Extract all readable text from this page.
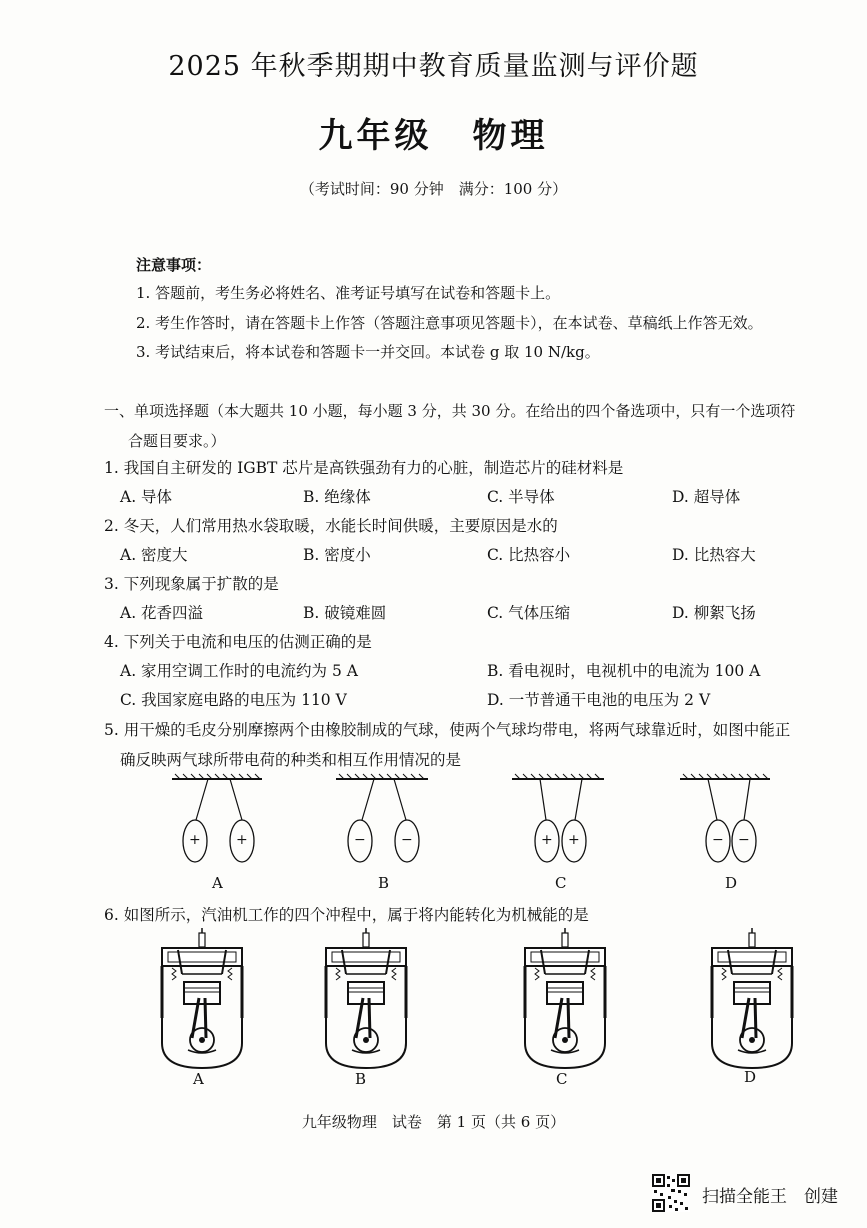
2025 年秋季期期中教育质量监测与评价题
九年级 物理
（考试时间：90 分钟　满分：100 分）
注意事项：
1. 答题前，考生务必将姓名、准考证号填写在试卷和答题卡上。
2. 考生作答时，请在答题卡上作答（答题注意事项见答题卡），在本试卷、草稿纸上作答无效。
3. 考试结束后，将本试卷和答题卡一并交回。本试卷 g 取 10 N/kg。
一、单项选择题（本大题共 10 小题，每小题 3 分，共 30 分。在给出的四个备选项中，只有一个选项符
合题目要求。）
1. 我国自主研发的 IGBT 芯片是高铁强劲有力的心脏，制造芯片的硅材料是
A. 导体	B. 绝缘体	C. 半导体	D. 超导体
2. 冬天，人们常用热水袋取暖，水能长时间供暖，主要原因是水的
A. 密度大	B. 密度小	C. 比热容小	D. 比热容大
3. 下列现象属于扩散的是
A. 花香四溢	B. 破镜难圆	C. 气体压缩	D. 柳絮飞扬
4. 下列关于电流和电压的估测正确的是
A. 家用空调工作时的电流约为 5 A	B. 看电视时，电视机中的电流为 100 A
C. 我国家庭电路的电压为 110 V	D. 一节普通干电池的电压为 2 V
5. 用干燥的毛皮分别摩擦两个由橡胶制成的气球，使两个气球均带电，将两气球靠近时，如图中能正
确反映两气球所带电荷的种类和相互作用情况的是
+	+	−	−	+ +	− −
A	B	C	D
6. 如图所示，汽油机工作的四个冲程中，属于将内能转化为机械能的是
A	B	C	D
九年级物理　试卷　第 1 页（共 6 页）
扫描全能王　创建
